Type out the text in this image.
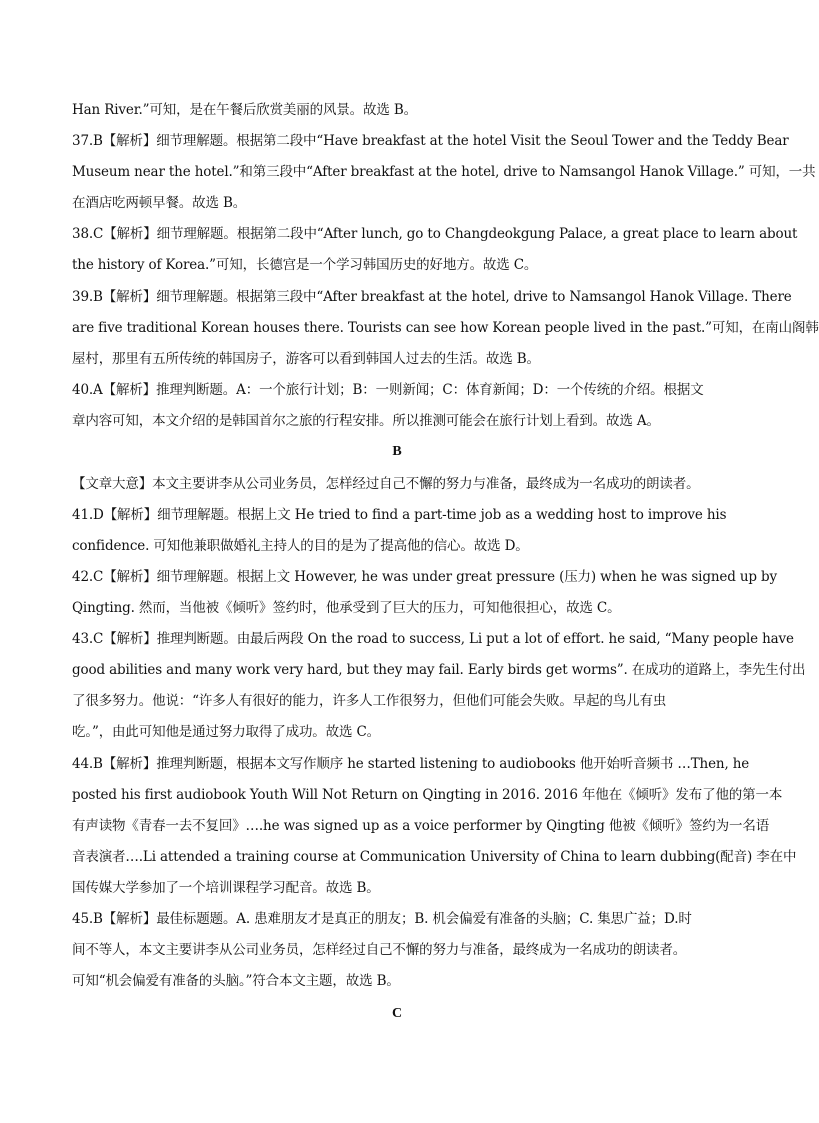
Han River.”可知，是在午餐后欣赏美丽的风景。故选 B。
37.B【解析】细节理解题。根据第二段中“Have breakfast at the hotel Visit the Seoul Tower and the Teddy Bear
Museum near the hotel.”和第三段中“After breakfast at the hotel, drive to Namsangol Hanok Village.” 可知，一共
在酒店吃两顿早餐。故选 B。
38.C【解析】细节理解题。根据第二段中“After lunch, go to Changdeokgung Palace, a great place to learn about
the history of Korea.”可知，长德宫是一个学习韩国历史的好地方。故选 C。
39.B【解析】细节理解题。根据第三段中“After breakfast at the hotel, drive to Namsangol Hanok Village. There
are five traditional Korean houses there. Tourists can see how Korean people lived in the past.”可知，在南山阁韩
屋村，那里有五所传统的韩国房子，游客可以看到韩国人过去的生活。故选 B。
40.A【解析】推理判断题。A：一个旅行计划；B：一则新闻；C：体育新闻；D：一个传统的介绍。根据文
章内容可知，本文介绍的是韩国首尔之旅的行程安排。所以推测可能会在旅行计划上看到。故选 A。
B
【文章大意】本文主要讲李从公司业务员，怎样经过自己不懈的努力与准备，最终成为一名成功的朗读者。
41.D【解析】细节理解题。根据上文 He tried to find a part-time job as a wedding host to improve his
confidence. 可知他兼职做婚礼主持人的目的是为了提高他的信心。故选 D。
42.C【解析】细节理解题。根据上文 However, he was under great pressure (压力) when he was signed up by
Qingting. 然而，当他被《倾听》签约时，他承受到了巨大的压力，可知他很担心，故选 C。
43.C【解析】推理判断题。由最后两段 On the road to success, Li put a lot of effort. he said, “Many people have
good abilities and many work very hard, but they may fail. Early birds get worms”. 在成功的道路上，李先生付出
了很多努力。他说：“许多人有很好的能力，许多人工作很努力，但他们可能会失败。早起的鸟儿有虫
吃。”，由此可知他是通过努力取得了成功。故选 C。
44.B【解析】推理判断题，根据本文写作顺序 he started listening to audiobooks 他开始听音频书 …Then, he
posted his first audiobook Youth Will Not Return on Qingting in 2016. 2016 年他在《倾听》发布了他的第一本
有声读物《青春一去不复回》….he was signed up as a voice performer by Qingting 他被《倾听》签约为一名语
音表演者….Li attended a training course at Communication University of China to learn dubbing(配音) 李在中
国传媒大学参加了一个培训课程学习配音。故选 B。
45.B【解析】最佳标题题。A. 患难朋友才是真正的朋友；B. 机会偏爱有准备的头脑；C. 集思广益；D.时
间不等人，本文主要讲李从公司业务员，怎样经过自己不懈的努力与准备，最终成为一名成功的朗读者。
可知“机会偏爱有准备的头脑。”符合本文主题，故选 B。
C
